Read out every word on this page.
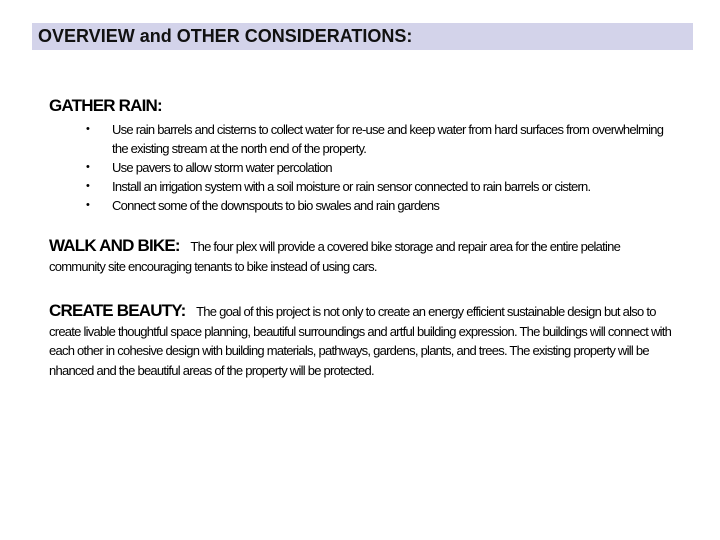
OVERVIEW and OTHER CONSIDERATIONS:
GATHER RAIN:
• Use rain barrels and cisterns to collect water for re-use and keep water from hard surfaces from overwhelming the existing stream at the north end of the property.
• Use pavers to allow storm water percolation
• Install an irrigation system with a soil moisture or rain sensor connected to rain barrels or cistern.
• Connect some of the downspouts to bio swales and rain gardens

WALK AND BIKE: The four plex will provide a covered bike storage and repair area for the entire pelatine community site encouraging tenants to bike instead of using cars.

CREATE BEAUTY: The goal of this project is not only to create an energy efficient sustainable design but also to create livable thoughtful space planning, beautiful surroundings and artful building expression. The buildings will connect with each other in cohesive design with building materials, pathways, gardens, plants, and trees. The existing property will be nhanced and the beautiful areas of the property will be protected.
